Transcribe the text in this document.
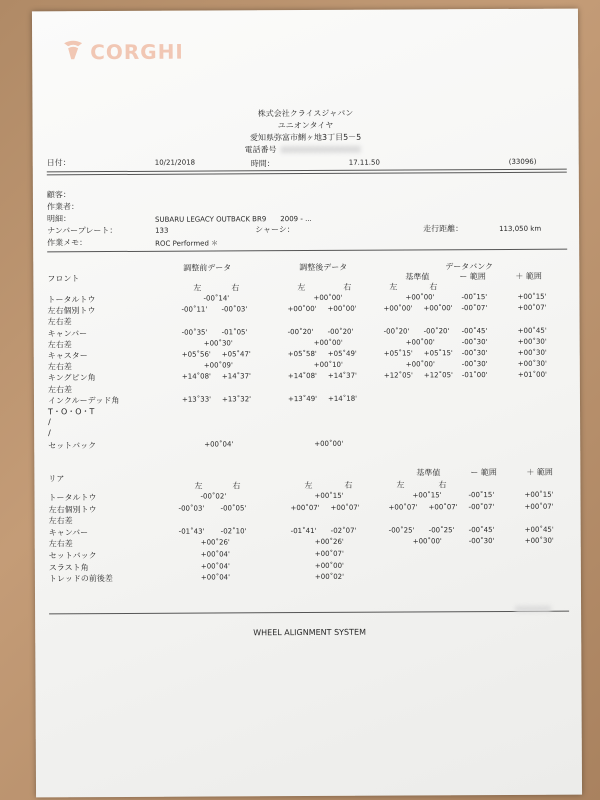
CORGHI
株式会社クライスジャパン
ユニオンタイヤ
愛知県弥富市鯏ヶ地3丁目5－5
電話番号
日付：	10/21/2018	時間：	17.11.50	(33096)
顧客：
作業者：
明細：	SUBARU LEGACY OUTBACK BR9　　2009 - ...
ナンバープレート：	133	シャーシ：	走行距離：	113,050 km
作業メモ：	ROC Performed ＊
調整前データ	調整後データ	データバンク
フロント	基準値	ー 範囲	＋ 範囲
左	右	左	右	左	右
トータルトウ	-00˚14'	+00˚00'	+00˚00'	-00˚15'	+00˚15'
左右個別トウ	-00˚11' -00˚03'	+00˚00' +00˚00'	+00˚00' +00˚00' -00˚07'	+00˚07'
左右差
キャンバー	-00˚35' -01˚05'	-00˚20' -00˚20'	-00˚20' -00˚20' -00˚45'	+00˚45'
左右差	+00˚30'	+00˚00'	+00˚00'	-00˚30'	+00˚30'
キャスター	+05˚56' +05˚47'	+05˚58' +05˚49'	+05˚15' +05˚15' -00˚30'	+00˚30'
左右差	+00˚09'	+00˚10'	+00˚00'	-00˚30'	+00˚30'
キングピン角	+14˚08' +14˚37'	+14˚08' +14˚37'	+12˚05' +12˚05' -01˚00'	+01˚00'
左右差
インクルーデッド角	+13˚33' +13˚32'	+13˚49' +14˚18'
T・O・O・T
/
/
セットバック	+00˚04'	+00˚00'
リア
基準値	ー 範囲	＋ 範囲
左	右	左	右	左	右
トータルトウ	-00˚02'	+00˚15'	+00˚15'	-00˚15'	+00˚15'
左右個別トウ	-00˚03' -00˚05'	+00˚07' +00˚07'	+00˚07' +00˚07' -00˚07'	+00˚07'
左右差
キャンバー	-01˚43' -02˚10'	-01˚41' -02˚07'	-00˚25' -00˚25' -00˚45'	+00˚45'
左右差	+00˚26'	+00˚26'	+00˚00'	-00˚30'	+00˚30'
セットバック	+00˚04'	+00˚07'
スラスト角	+00˚04'	+00˚00'
トレッドの前後差	+00˚04'	+00˚02'
WHEEL ALIGNMENT SYSTEM
